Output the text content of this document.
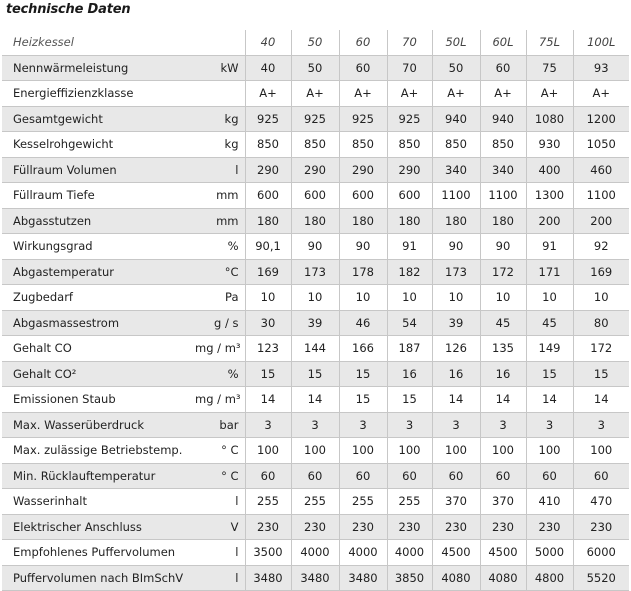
technische Daten
Heizkessel		40	50	60	70	50L	60L	75L	100L
Nennwärmeleistung	kW	40	50	60	70	50	60	75	93
Energieffizienzklasse		A+	A+	A+	A+	A+	A+	A+	A+
Gesamtgewicht	kg	925	925	925	925	940	940	1080	1200
Kesselrohgewicht	kg	850	850	850	850	850	850	930	1050
Füllraum Volumen	l	290	290	290	290	340	340	400	460
Füllraum Tiefe	mm	600	600	600	600	1100	1100	1300	1100
Abgasstutzen	mm	180	180	180	180	180	180	200	200
Wirkungsgrad	%	90,1	90	90	91	90	90	91	92
Abgastemperatur	°C	169	173	178	182	173	172	171	169
Zugbedarf	Pa	10	10	10	10	10	10	10	10
Abgasmassestrom	g / s	30	39	46	54	39	45	45	80
Gehalt CO	mg / m³	123	144	166	187	126	135	149	172
Gehalt CO²	%	15	15	15	16	16	16	15	15
Emissionen Staub	mg / m³	14	14	15	15	14	14	14	14
Max. Wasserüberdruck	bar	3	3	3	3	3	3	3	3
Max. zulässige Betriebstemp.	° C	100	100	100	100	100	100	100	100
Min. Rücklauftemperatur	° C	60	60	60	60	60	60	60	60
Wasserinhalt	l	255	255	255	255	370	370	410	470
Elektrischer Anschluss	V	230	230	230	230	230	230	230	230
Empfohlenes Puffervolumen	l	3500	4000	4000	4000	4500	4500	5000	6000
Puffervolumen nach BImSchV	l	3480	3480	3480	3850	4080	4080	4800	5520
